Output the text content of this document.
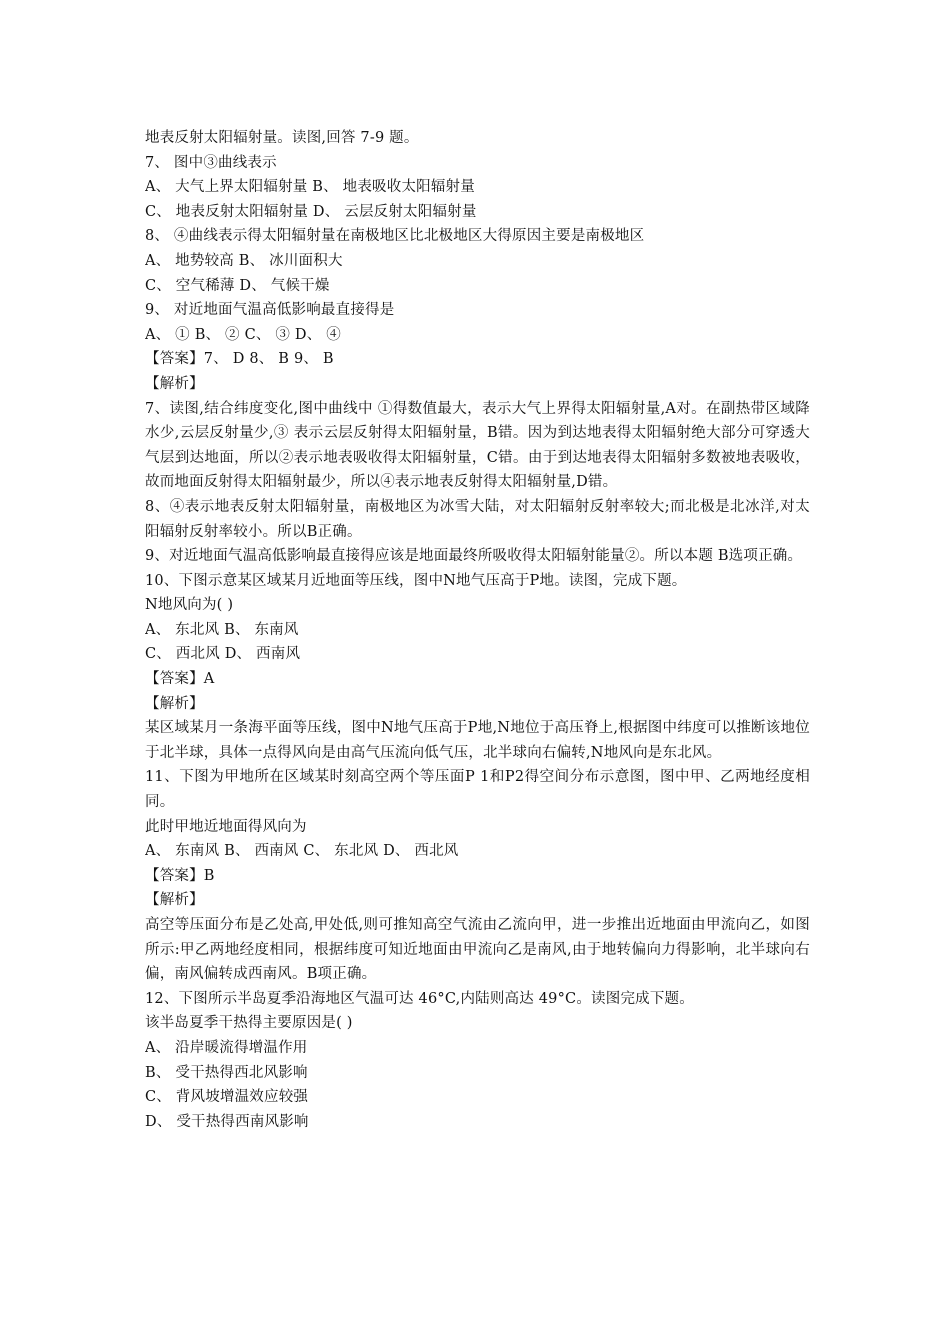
地表反射太阳辐射量。读图,回答 7-9 题。
7、 图中③曲线表示
A、 大气上界太阳辐射量 B、 地表吸收太阳辐射量
C、 地表反射太阳辐射量 D、 云层反射太阳辐射量
8、 ④曲线表示得太阳辐射量在南极地区比北极地区大得原因主要是南极地区
A、 地势较高 B、 冰川面积大
C、 空气稀薄 D、 气候干燥
9、 对近地面气温高低影响最直接得是
A、 ① B、 ② C、 ③ D、 ④
【答案】7、 D 8、 B 9、 B
【解析】
7、读图,结合纬度变化,图中曲线中 ①得数值最大，表示大气上界得太阳辐射量,A对。在副热带区域降水少,云层反射量少,③ 表示云层反射得太阳辐射量，B错。因为到达地表得太阳辐射绝大部分可穿透大气层到达地面，所以②表示地表吸收得太阳辐射量，C错。由于到达地表得太阳辐射多数被地表吸收，故而地面反射得太阳辐射最少，所以④表示地表反射得太阳辐射量,D错。
8、④表示地表反射太阳辐射量，南极地区为冰雪大陆，对太阳辐射反射率较大;而北极是北冰洋,对太阳辐射反射率较小。所以B正确。
9、对近地面气温高低影响最直接得应该是地面最终所吸收得太阳辐射能量②。所以本题 B选项正确。
10、下图示意某区域某月近地面等压线，图中N地气压高于P地。读图，完成下题。
N地风向为( )
A、 东北风 B、 东南风
C、 西北风 D、 西南风
【答案】A
【解析】
某区域某月一条海平面等压线，图中N地气压高于P地,N地位于高压脊上,根据图中纬度可以推断该地位于北半球，具体一点得风向是由高气压流向低气压，北半球向右偏转,N地风向是东北风。
11、下图为甲地所在区域某时刻高空两个等压面P 1和P2得空间分布示意图，图中甲、乙两地经度相同。
此时甲地近地面得风向为
A、 东南风 B、 西南风 C、 东北风 D、 西北风
【答案】B
【解析】
高空等压面分布是乙处高,甲处低,则可推知高空气流由乙流向甲，进一步推出近地面由甲流向乙，如图所示:甲乙两地经度相同，根据纬度可知近地面由甲流向乙是南风,由于地转偏向力得影响，北半球向右偏，南风偏转成西南风。B项正确。
12、下图所示半岛夏季沿海地区气温可达 46°C,内陆则高达 49°C。读图完成下题。
该半岛夏季干热得主要原因是( )
A、 沿岸暖流得增温作用
B、 受干热得西北风影响
C、 背风坡增温效应较强
D、 受干热得西南风影响
